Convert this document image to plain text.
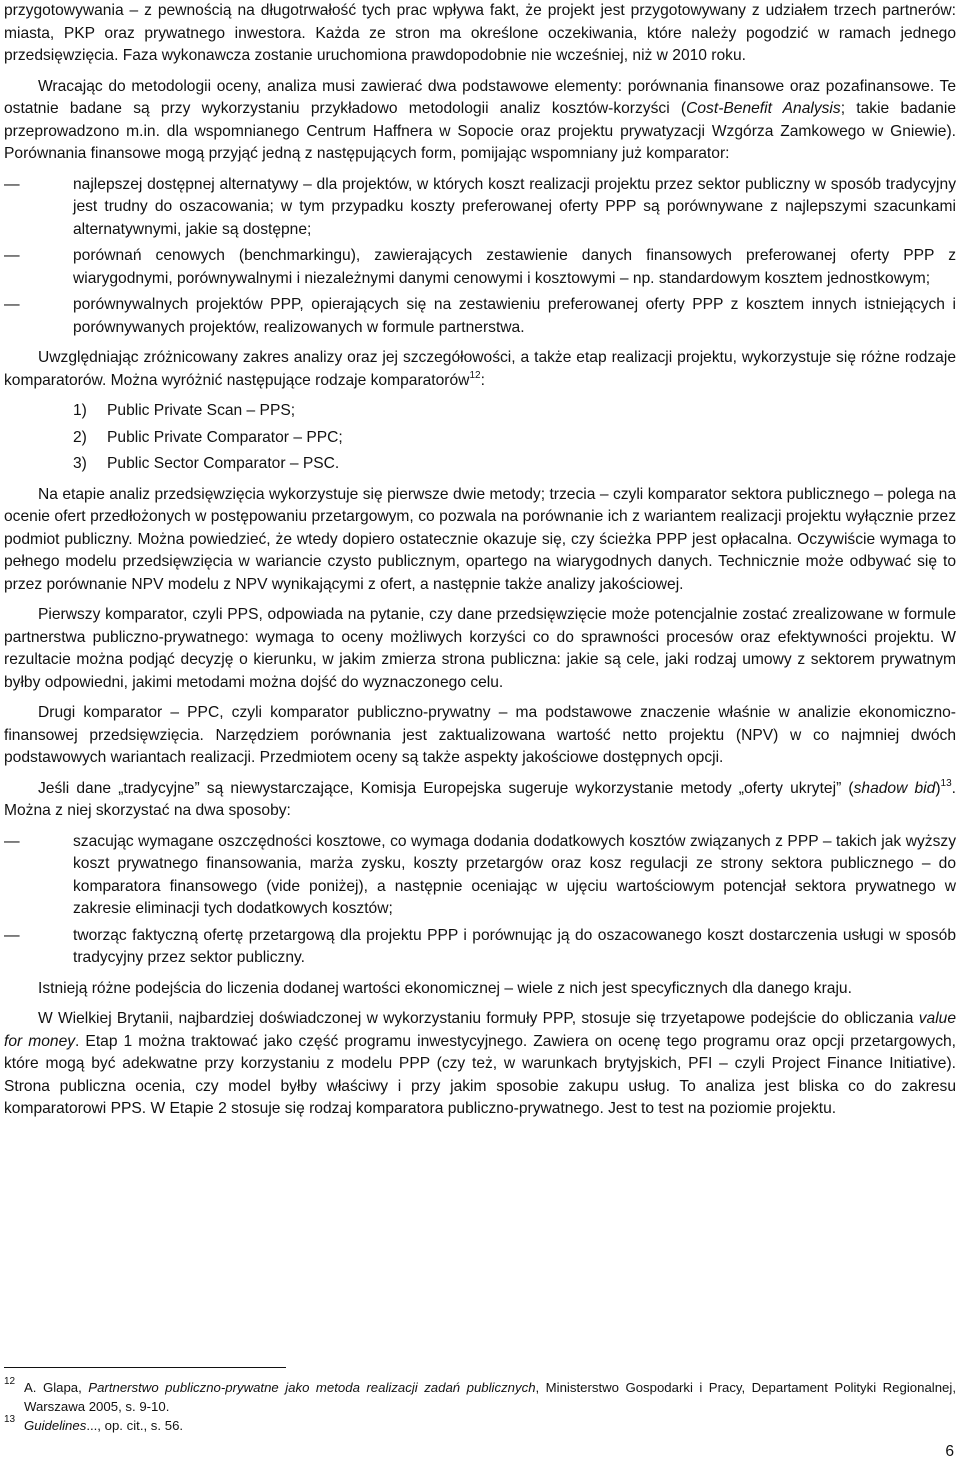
przygotowywania – z pewnością na długotrwałość tych prac wpływa fakt, że projekt jest przygotowywany z udziałem trzech partnerów: miasta, PKP oraz prywatnego inwestora. Każda ze stron ma określone oczekiwania, które należy pogodzić w ramach jednego przedsięwzięcia. Faza wykonawcza zostanie uruchomiona prawdopodobnie nie wcześniej, niż w 2010 roku.

Wracając do metodologii oceny, analiza musi zawierać dwa podstawowe elementy: porównania finansowe oraz pozafinansowe. Te ostatnie badane są przy wykorzystaniu przykładowo metodologii analiz kosztów-korzyści (Cost-Benefit Analysis; takie badanie przeprowadzono m.in. dla wspomnianego Centrum Haffnera w Sopocie oraz projektu prywatyzacji Wzgórza Zamkowego w Gniewie). Porównania finansowe mogą przyjąć jedną z następujących form, pomijając wspomniany już komparator:

— najlepszej dostępnej alternatywy – dla projektów, w których koszt realizacji projektu przez sektor publiczny w sposób tradycyjny jest trudny do oszacowania; w tym przypadku koszty preferowanej oferty PPP są porównywane z najlepszymi szacunkami alternatywnymi, jakie są dostępne;
— porównań cenowych (benchmarkingu), zawierających zestawienie danych finansowych preferowanej oferty PPP z wiarygodnymi, porównywalnymi i niezależnymi danymi cenowymi i kosztowymi – np. standardowym kosztem jednostkowym;
— porównywalnych projektów PPP, opierających się na zestawieniu preferowanej oferty PPP z kosztem innych istniejących i porównywanych projektów, realizowanych w formule partnerstwa.

Uwzględniając zróżnicowany zakres analizy oraz jej szczegółowości, a także etap realizacji projektu, wykorzystuje się różne rodzaje komparatorów. Można wyróżnić następujące rodzaje komparatorów$^{12}$:

1)	Public Private Scan – PPS;
2)	Public Private Comparator – PPC;
3)	Public Sector Comparator – PSC.

Na etapie analiz przedsięwzięcia wykorzystuje się pierwsze dwie metody; trzecia – czyli komparator sektora publicznego – polega na ocenie ofert przedłożonych w postępowaniu przetargowym, co pozwala na porównanie ich z wariantem realizacji projektu wyłącznie przez podmiot publiczny. Można powiedzieć, że wtedy dopiero ostatecznie okazuje się, czy ścieżka PPP jest opłacalna. Oczywiście wymaga to pełnego modelu przedsięwzięcia w wariancie czysto publicznym, opartego na wiarygodnych danych. Technicznie może odbywać się to przez porównanie NPV modelu z NPV wynikającymi z ofert, a następnie także analizy jakościowej.

Pierwszy komparator, czyli PPS, odpowiada na pytanie, czy dane przedsięwzięcie może potencjalnie zostać zrealizowane w formule partnerstwa publiczno-prywatnego: wymaga to oceny możliwych korzyści co do sprawności procesów oraz efektywności projektu. W rezultacie można podjąć decyzję o kierunku, w jakim zmierza strona publiczna: jakie są cele, jaki rodzaj umowy z sektorem prywatnym byłby odpowiedni, jakimi metodami można dojść do wyznaczonego celu.

Drugi komparator – PPC, czyli komparator publiczno-prywatny – ma podstawowe znaczenie właśnie w analizie ekonomiczno-finansowej przedsięwzięcia. Narzędziem porównania jest zaktualizowana wartość netto projektu (NPV) w co najmniej dwóch podstawowych wariantach realizacji. Przedmiotem oceny są także aspekty jakościowe dostępnych opcji.

Jeśli dane „tradycyjne” są niewystarczające, Komisja Europejska sugeruje wykorzystanie metody „oferty ukrytej” (shadow bid)$^{13}$. Można z niej skorzystać na dwa sposoby:

— szacując wymagane oszczędności kosztowe, co wymaga dodania dodatkowych kosztów związanych z PPP – takich jak wyższy koszt prywatnego finansowania, marża zysku, koszty przetargów oraz kosz regulacji ze strony sektora publicznego – do komparatora finansowego (vide poniżej), a następnie oceniając w ujęciu wartościowym potencjał sektora prywatnego w zakresie eliminacji tych dodatkowych kosztów;
— tworząc faktyczną ofertę przetargową dla projektu PPP i porównując ją do oszacowanego koszt dostarczenia usługi w sposób tradycyjny przez sektor publiczny.

Istnieją różne podejścia do liczenia dodanej wartości ekonomicznej – wiele z nich jest specyficznych dla danego kraju.

W Wielkiej Brytanii, najbardziej doświadczonej w wykorzystaniu formuły PPP, stosuje się trzyetapowe podejście do obliczania value for money. Etap 1 można traktować jako część programu inwestycyjnego. Zawiera on ocenę tego programu oraz opcji przetargowych, które mogą być adekwatne przy korzystaniu z modelu PPP (czy też, w warunkach brytyjskich, PFI – czyli Project Finance Initiative). Strona publiczna ocenia, czy model byłby właściwy i przy jakim sposobie zakupu usług. To analiza jest bliska co do zakresu komparatorowi PPS. W Etapie 2 stosuje się rodzaj komparatora publiczno-prywatnego. Jest to test na poziomie projektu.

12 A. Glapa, Partnerstwo publiczno-prywatne jako metoda realizacji zadań publicznych, Ministerstwo Gospodarki i Pracy, Departament Polityki Regionalnej, Warszawa 2005, s. 9-10.
13 Guidelines..., op. cit., s. 56.
6
